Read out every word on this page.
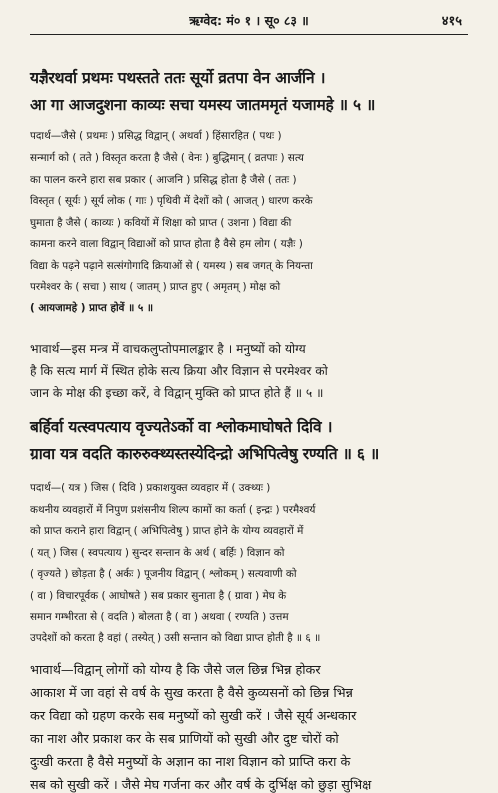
ऋग्वेद: मं० १ । सू० ८३ ॥	४१५
यज्ञैरथर्वा प्रथमः पथस्तते ततः सूर्यो व्रतपा वेन आर्जनि ।
आ गा आजदुशना काव्यः सचा यमस्य जातममृतं यजामहे ॥ ५ ॥
पदार्थ—जैसे ( प्रथमः ) प्रसिद्ध विद्वान् ( अथर्वा ) हिंसारहित ( पथः )
सन्मार्ग को ( तते ) विस्तृत करता है जैसे ( वेनः ) बुद्धिमान् ( व्रतपाः ) सत्य
का पालन करने हारा सब प्रकार ( आजनि ) प्रसिद्ध होता है जैसे ( ततः )
विस्तृत ( सूर्यः ) सूर्य लोक ( गाः ) पृथिवी में देशों को ( आजत् ) धारण करके
घुमाता है जैसे ( काव्यः ) कवियों में शिक्षा को प्राप्त ( उशना ) विद्या की
कामना करने वाला विद्वान् विद्याओं को प्राप्त होता है वैसे हम लोग ( यज्ञैः )
विद्या के पढ़ने पढ़ाने सत्संगोगादि क्रियाओं से ( यमस्य ) सब जगत् के नियन्ता
परमेश्वर के ( सचा ) साथ ( जातम् ) प्राप्त हुए ( अमृतम् ) मोक्ष को
( आयजामहे ) प्राप्त होवें ॥ ५ ॥
भावार्थ—इस मन्त्र में वाचकलुप्तोपमालङ्कार है । मनुष्यों को योग्य
है कि सत्य मार्ग में स्थित होके सत्य क्रिया और विज्ञान से परमेश्वर को
जान के मोक्ष की इच्छा करें, वे विद्वान् मुक्ति को प्राप्त होते हैं ॥ ५ ॥
बर्हिर्वा यत्स्वपत्याय वृज्यतेऽर्को वा श्लोकमाघोषते दिवि ।
ग्रावा यत्र वदति कारुरुक्थ्यस्तस्येदिन्द्रो अभिपित्वेषु रण्यति ॥ ६ ॥
पदार्थ—( यत्र ) जिस ( दिवि ) प्रकाशयुक्त व्यवहार में ( उक्थ्यः )
कथनीय व्यवहारों में निपुण प्रशंसनीय शिल्प कामों का कर्ता ( इन्द्रः ) परमैश्वर्य
को प्राप्त कराने हारा विद्वान् ( अभिपित्वेषु ) प्राप्त होने के योग्य व्यवहारों में
( यत् ) जिस ( स्वपत्याय ) सुन्दर सन्तान के अर्थ ( बर्हिः ) विज्ञान को
( वृज्यते ) छोड़ता है ( अर्कः ) पूजनीय विद्वान् ( श्लोकम् ) सत्यवाणी को
( वा ) विचारपूर्वक ( आघोषते ) सब प्रकार सुनाता है ( ग्रावा ) मेघ के
समान गम्भीरता से ( वदति ) बोलता है ( वा ) अथवा ( रण्यति ) उत्तम
उपदेशों को करता है वहां ( तस्येत् ) उसी सन्तान को विद्या प्राप्त होती है ॥ ६ ॥
भावार्थ—विद्वान् लोगों को योग्य है कि जैसे जल छिन्न भिन्न होकर
आकाश में जा वहां से वर्ष के सुख करता है वैसे कुव्यसनों को छिन्न भिन्न
कर विद्या को ग्रहण करके सब मनुष्यों को सुखी करें । जैसे सूर्य अन्धकार
का नाश और प्रकाश कर के सब प्राणियों को सुखी और दुष्ट चोरों को
दुःखी करता है वैसे मनुष्यों के अज्ञान का नाश विज्ञान को प्राप्ति करा के
सब को सुखी करें । जैसे मेघ गर्जना कर और वर्ष के दुर्भिक्ष को छुड़ा सुभिक्ष
